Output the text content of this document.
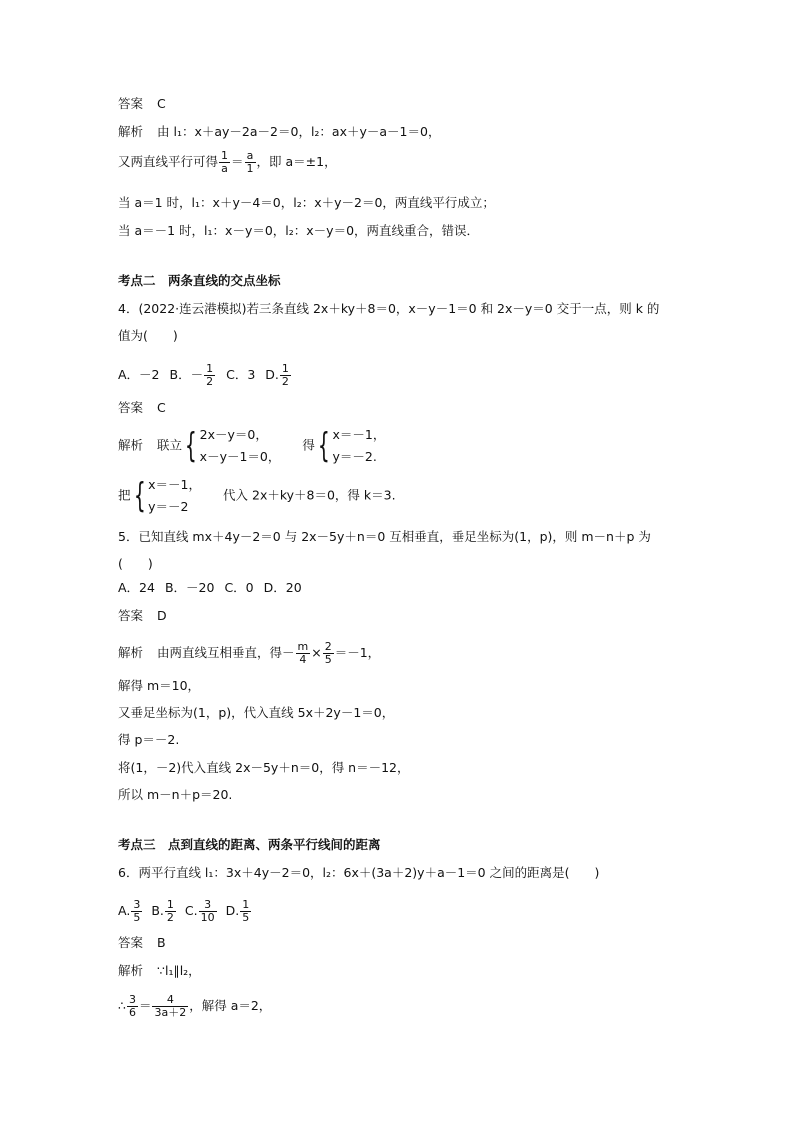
答案 C
解析 由 l₁：x＋ay－2a－2＝0，l₂：ax＋y－a－1＝0，
又两直线平行可得 $\frac{1}{a} = \frac{a}{1}$ ，即 a＝±1，
当 a＝1 时，l₁：x＋y－4＝0，l₂：x＋y－2＝0，两直线平行成立；
当 a＝－1 时，l₁：x－y＝0，l₂：x－y＝0，两直线重合，错误．
考点二　两条直线的交点坐标
4．(2022·连云港模拟)若三条直线 2x＋ky＋8＝0，x－y－1＝0 和 2x－y＝0 交于一点，则 k 的
值为(　　)
A．－2 B．－ $\frac{1}{2}$ C．3 D. $\frac{1}{2}$
答案 C
解析 联立{ 2x－y＝0，
x－y－1＝0，
得{ x＝－1，
y＝－2.
把{ x＝－1，
y＝－2
代入 2x＋ky＋8＝0，得 k＝3.
5．已知直线 mx＋4y－2＝0 与 2x－5y＋n＝0 互相垂直，垂足坐标为(1，p)，则 m－n＋p 为
(　　)
A．24 B．－20 C．0 D．20
答案 D
解析 由两直线互相垂直，得－ $\frac{m}{4} \times \frac{2}{5} =-1$，
解得 m＝10，
又垂足坐标为(1，p)，代入直线 5x＋2y－1＝0，
得 p＝－2.
将(1，－2)代入直线 2x－5y＋n＝0，得 n＝－12，
所以 m－n＋p＝20.
考点三　点到直线的距离、两条平行线间的距离
6．两平行直线 l₁：3x＋4y－2＝0，l₂：6x＋(3a＋2)y＋a－1＝0 之间的距离是(　　)
A. $\frac{3}{5} B$. $\frac{1}{2} C$. $\frac{3}{10} D$. $\frac{1}{5}$
答案 B
解析 ∵l₁∥l₂，
∴ $\frac{3}{6} = \frac{4}{3a+2}$ ，解得 a＝2，
